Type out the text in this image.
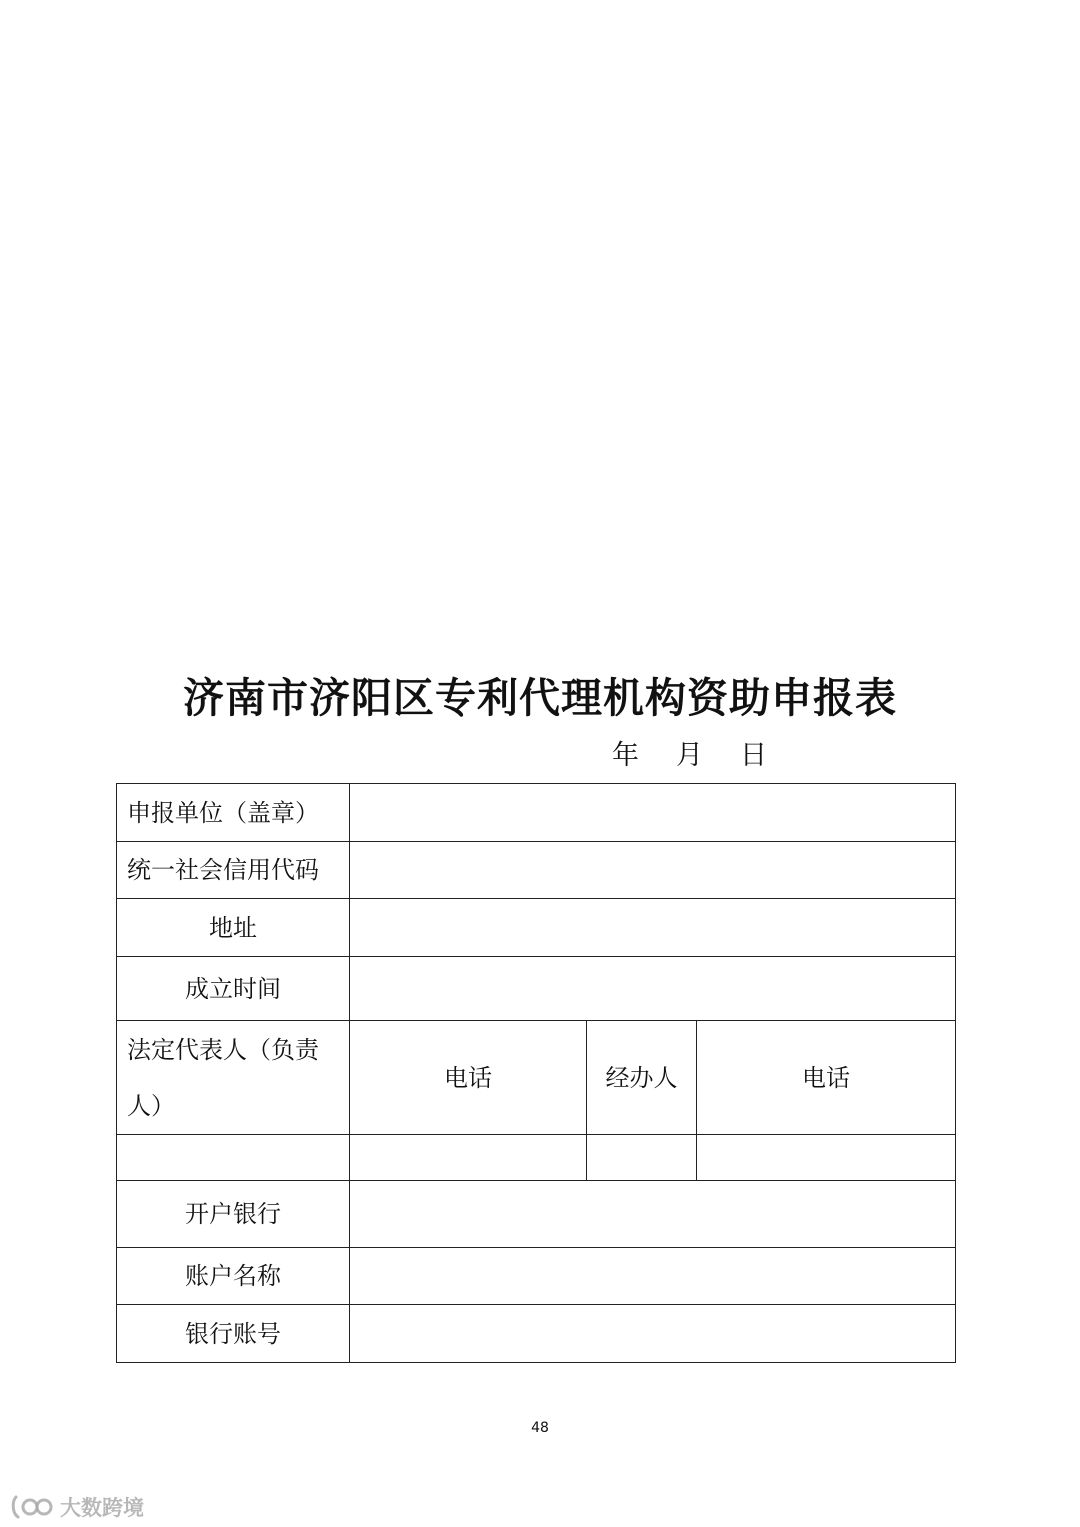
济南市济阳区专利代理机构资助申报表
年 月 日
申报单位（盖章）			
统一社会信用代码			
地址			
成立时间			
法定代表人（负责人）	电话	经办人	电话

开户银行			
账户名称			
银行账号			
48
大数跨境
